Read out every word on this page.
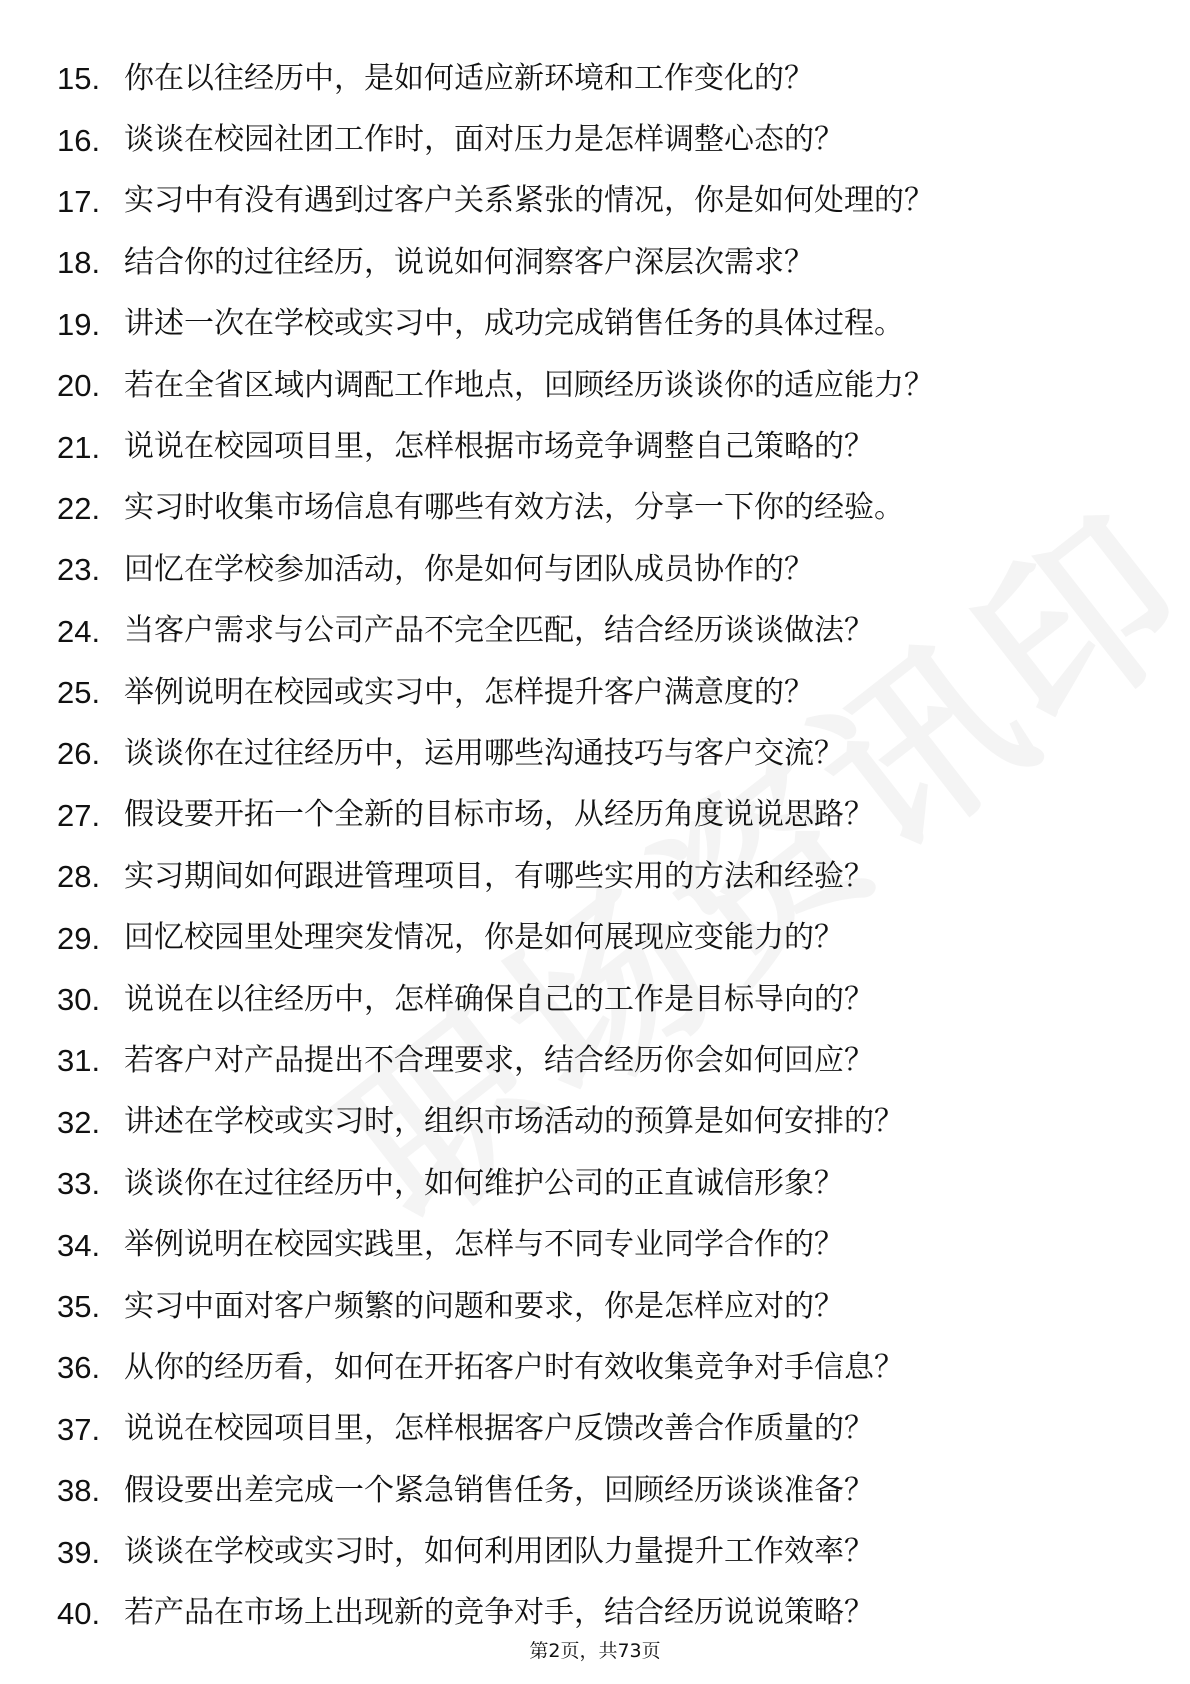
15. 你在以往经历中，是如何适应新环境和工作变化的？
16. 谈谈在校园社团工作时，面对压力是怎样调整心态的？
17. 实习中有没有遇到过客户关系紧张的情况，你是如何处理的？
18. 结合你的过往经历，说说如何洞察客户深层次需求？
19. 讲述一次在学校或实习中，成功完成销售任务的具体过程。
20. 若在全省区域内调配工作地点，回顾经历谈谈你的适应能力？
21. 说说在校园项目里，怎样根据市场竞争调整自己策略的？
22. 实习时收集市场信息有哪些有效方法，分享一下你的经验。
23. 回忆在学校参加活动，你是如何与团队成员协作的？
24. 当客户需求与公司产品不完全匹配，结合经历谈谈做法？
25. 举例说明在校园或实习中，怎样提升客户满意度的？
26. 谈谈你在过往经历中，运用哪些沟通技巧与客户交流？
27. 假设要开拓一个全新的目标市场，从经历角度说说思路？
28. 实习期间如何跟进管理项目，有哪些实用的方法和经验？
29. 回忆校园里处理突发情况，你是如何展现应变能力的？
30. 说说在以往经历中，怎样确保自己的工作是目标导向的？
31. 若客户对产品提出不合理要求，结合经历你会如何回应？
32. 讲述在学校或实习时，组织市场活动的预算是如何安排的？
33. 谈谈你在过往经历中，如何维护公司的正直诚信形象？
34. 举例说明在校园实践里，怎样与不同专业同学合作的？
35. 实习中面对客户频繁的问题和要求，你是怎样应对的？
36. 从你的经历看，如何在开拓客户时有效收集竞争对手信息？
37. 说说在校园项目里，怎样根据客户反馈改善合作质量的？
38. 假设要出差完成一个紧急销售任务，回顾经历谈谈准备？
39. 谈谈在学校或实习时，如何利用团队力量提升工作效率？
40. 若产品在市场上出现新的竞争对手，结合经历说说策略？
第2页，共73页
